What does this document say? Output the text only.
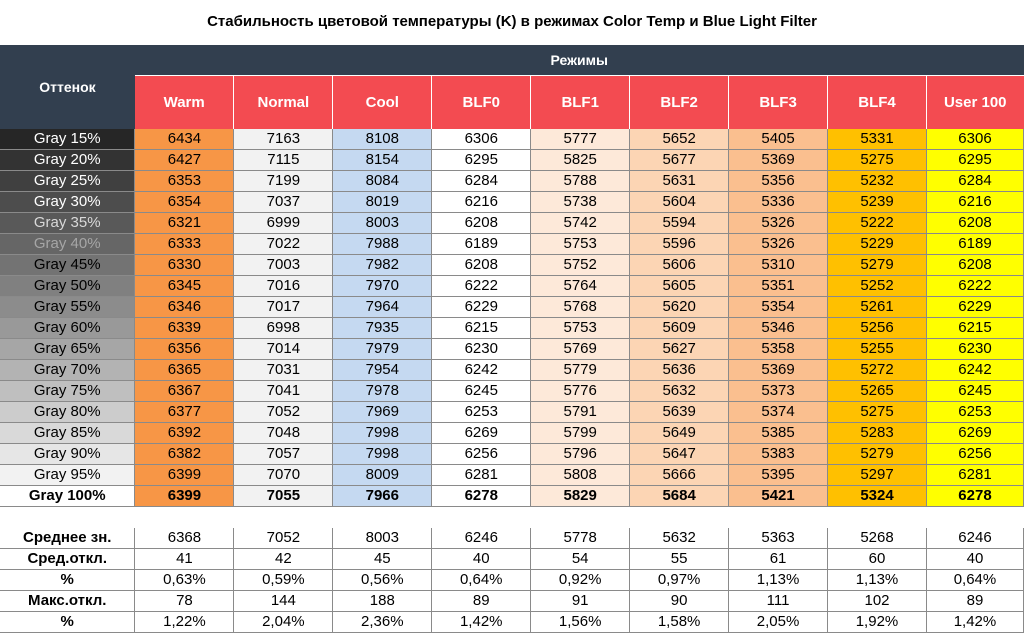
Стабильность цветовой температуры (K) в режимах Color Temp и Blue Light Filter
Оттенок	Режимы								
	Warm	Normal	Cool	BLF0	BLF1	BLF2	BLF3	BLF4	User 100
Gray 15%	6434	7163	8108	6306	5777	5652	5405	5331	6306
Gray 20%	6427	7115	8154	6295	5825	5677	5369	5275	6295
Gray 25%	6353	7199	8084	6284	5788	5631	5356	5232	6284
Gray 30%	6354	7037	8019	6216	5738	5604	5336	5239	6216
Gray 35%	6321	6999	8003	6208	5742	5594	5326	5222	6208
Gray 40%	6333	7022	7988	6189	5753	5596	5326	5229	6189
Gray 45%	6330	7003	7982	6208	5752	5606	5310	5279	6208
Gray 50%	6345	7016	7970	6222	5764	5605	5351	5252	6222
Gray 55%	6346	7017	7964	6229	5768	5620	5354	5261	6229
Gray 60%	6339	6998	7935	6215	5753	5609	5346	5256	6215
Gray 65%	6356	7014	7979	6230	5769	5627	5358	5255	6230
Gray 70%	6365	7031	7954	6242	5779	5636	5369	5272	6242
Gray 75%	6367	7041	7978	6245	5776	5632	5373	5265	6245
Gray 80%	6377	7052	7969	6253	5791	5639	5374	5275	6253
Gray 85%	6392	7048	7998	6269	5799	5649	5385	5283	6269
Gray 90%	6382	7057	7998	6256	5796	5647	5383	5279	6256
Gray 95%	6399	7070	8009	6281	5808	5666	5395	5297	6281
Gray 100%	6399	7055	7966	6278	5829	5684	5421	5324	6278

Среднее зн.	6368	7052	8003	6246	5778	5632	5363	5268	6246
Сред.откл.	41	42	45	40	54	55	61	60	40
%	0,63%	0,59%	0,56%	0,64%	0,92%	0,97%	1,13%	1,13%	0,64%
Макс.откл.	78	144	188	89	91	90	111	102	89
%	1,22%	2,04%	2,36%	1,42%	1,56%	1,58%	2,05%	1,92%	1,42%
